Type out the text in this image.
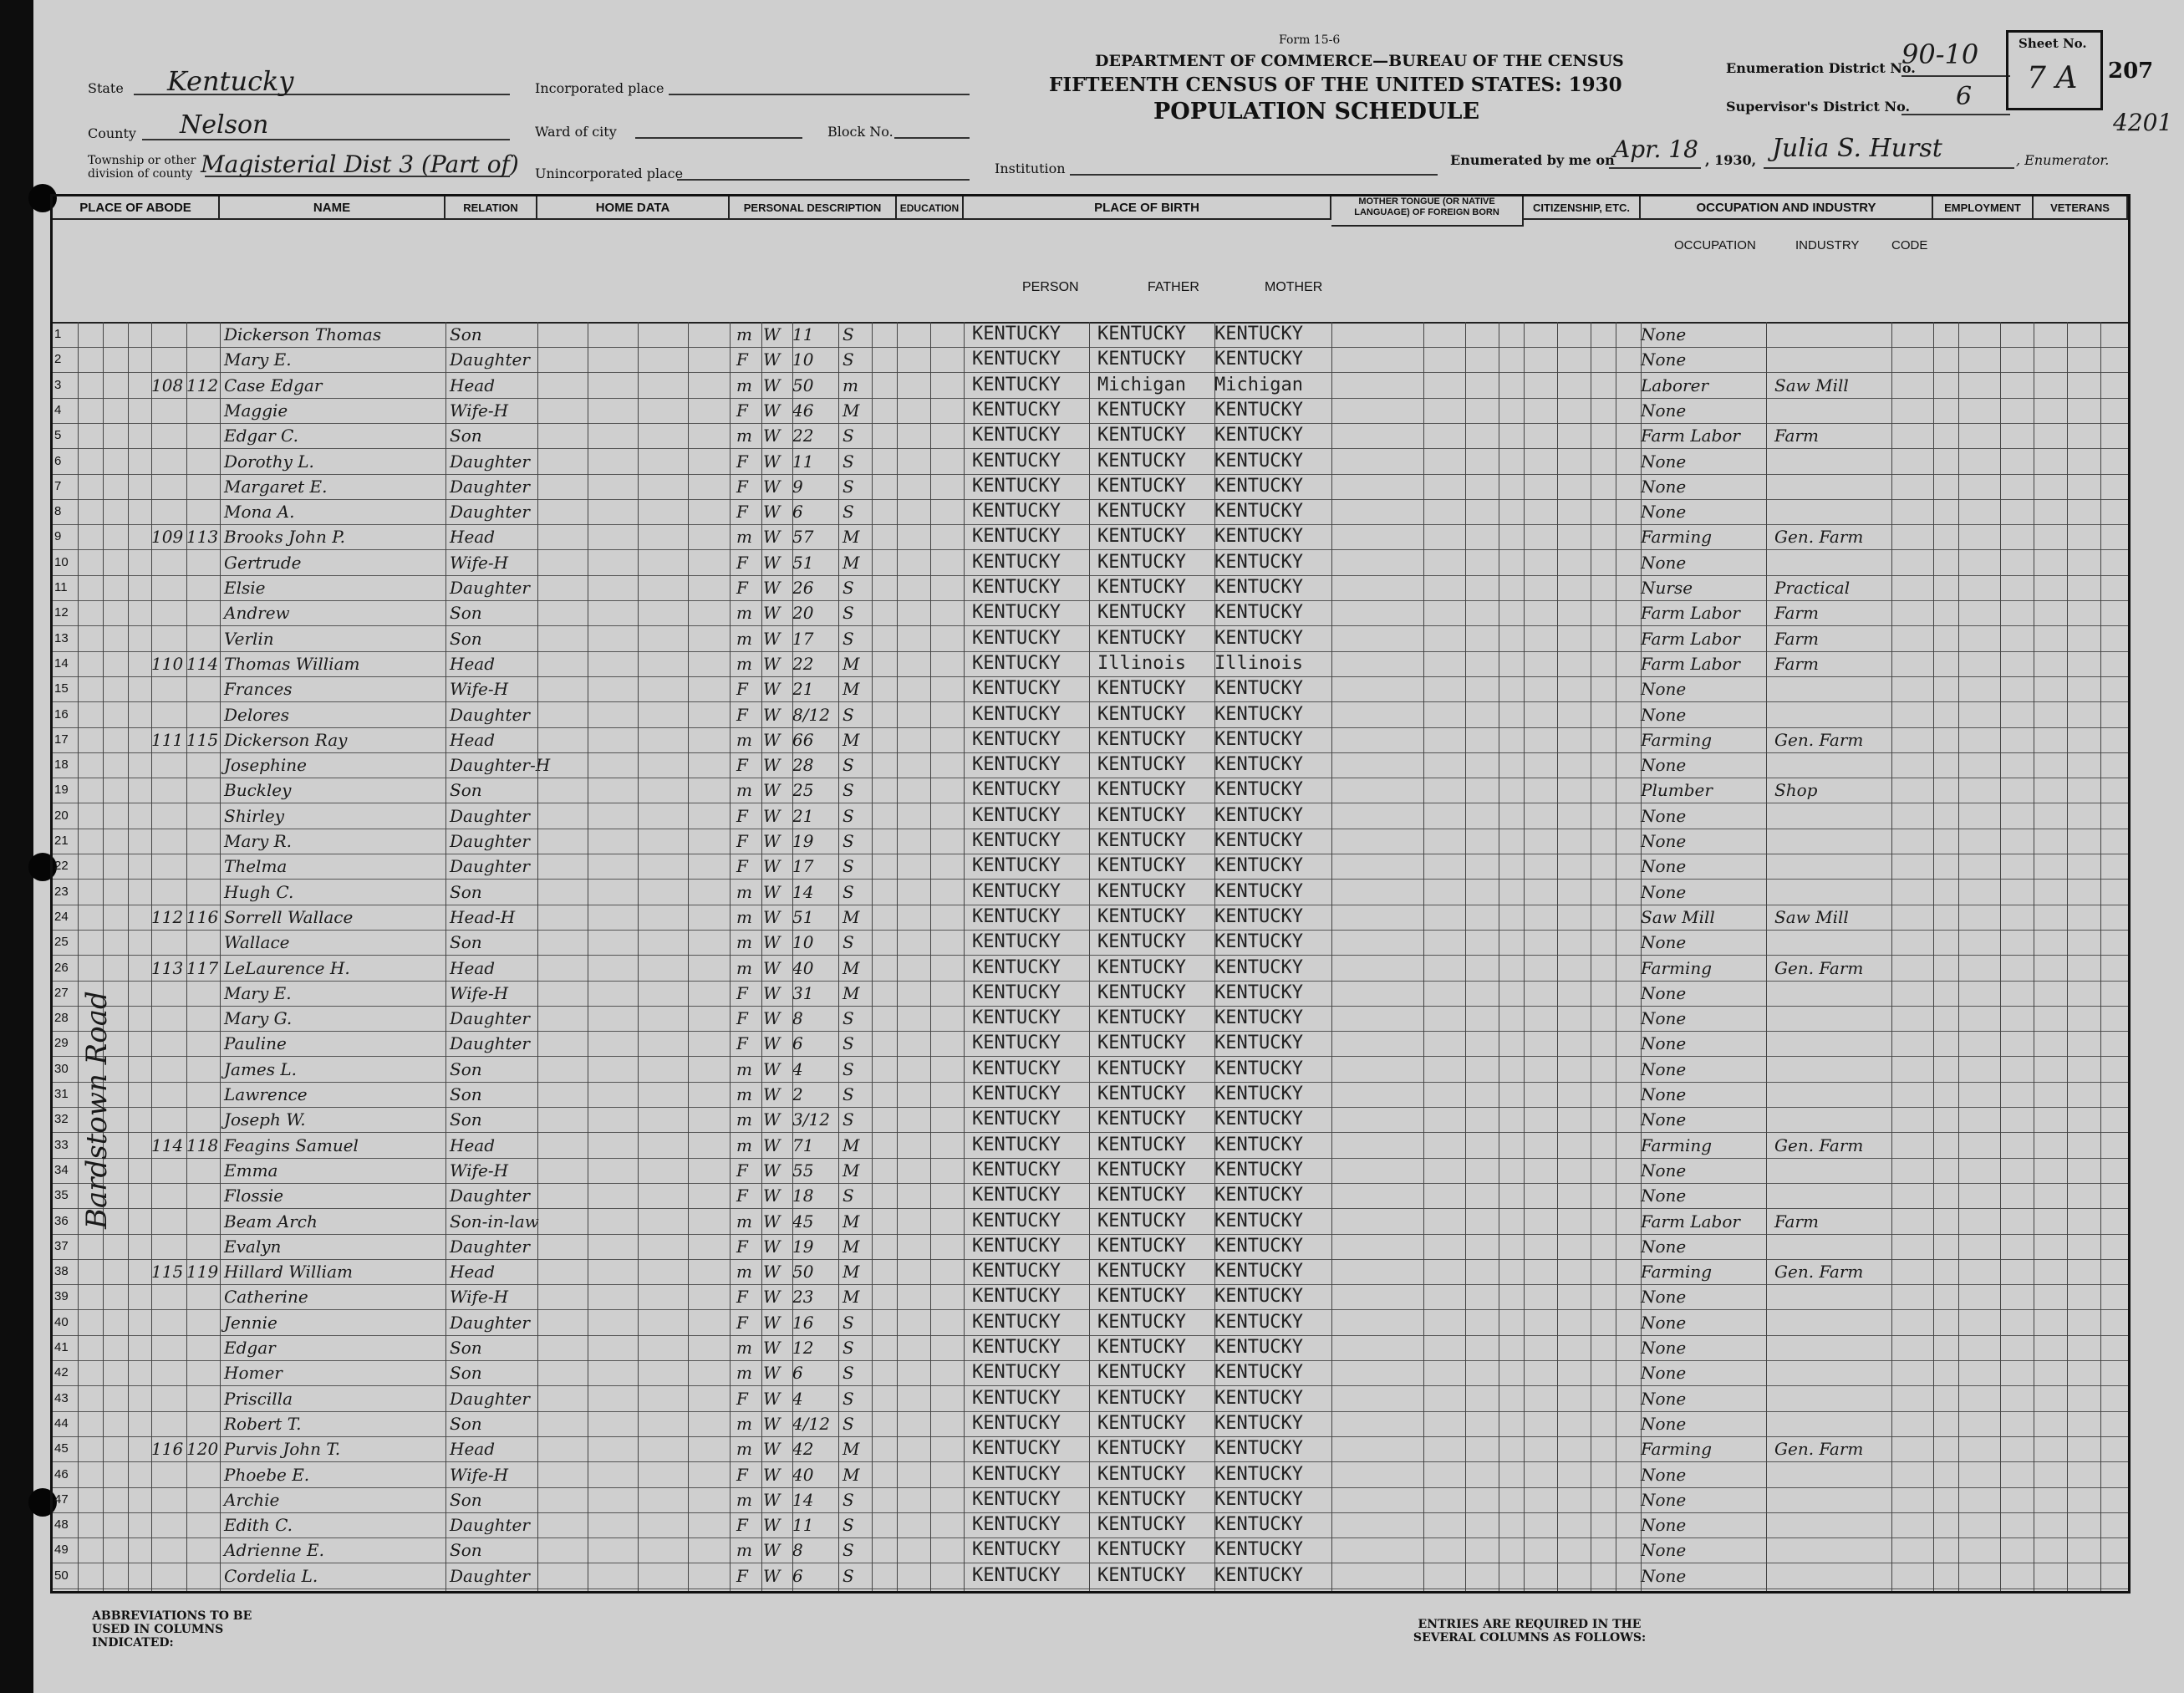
Form 15-6
DEPARTMENT OF COMMERCE—BUREAU OF THE CENSUS
FIFTEENTH CENSUS OF THE UNITED STATES: 1930
POPULATION SCHEDULE
State Kentucky
County Nelson
Township or other division of county Magisterial Dist 3 (Part of)
Incorporated place
Ward of city	Block No.
Unincorporated place	Institution
Enumeration District No.
90-10
Supervisor's District No. 6
Sheet No.
7 A 207
4201
Enumerated by me on
Apr. 18 , 1930, Julia S. Hurst	, Enumerator.
PLACE OF ABODE	NAME	RELATION	HOME DATA	PERSONAL DESCRIPTION	EDUCATION	PLACE OF BIRTH	MOTHER TONGUE (OR NATIVE LANGUAGE) OF FOREIGN BORN	CITIZENSHIP, ETC.	OCCUPATION AND INDUSTRY	EMPLOYMENT	VETERANS
PERSON	FATHER	MOTHER
OCCUPATION	INDUSTRY	CODE
1	Dickerson Thomas	Son	m W 11	S	KENTUCKY	KENTUCKY	KENTUCKY	None
2	Mary E.	Daughter	F W 10	S	KENTUCKY	KENTUCKY	KENTUCKY	None
3	108 112 Case Edgar	Head	m W 50	m	KENTUCKY	Michigan	Michigan	Laborer	Saw Mill
4	Maggie	Wife-H	F W 46	M	KENTUCKY	KENTUCKY	KENTUCKY	None
5	Edgar C.	Son	m W 22	S	KENTUCKY	KENTUCKY	KENTUCKY	Farm Labor	Farm
6	Dorothy L.	Daughter	F W 11	S	KENTUCKY	KENTUCKY	KENTUCKY	None
7	Margaret E.	Daughter	F W 9	S	KENTUCKY	KENTUCKY	KENTUCKY	None
8	Mona A.	Daughter	F W 6	S	KENTUCKY	KENTUCKY	KENTUCKY	None
9	109 113 Brooks John P.	Head	m W 57	M	KENTUCKY	KENTUCKY	KENTUCKY	Farming	Gen. Farm
10	Gertrude	Wife-H	F W 51	M	KENTUCKY	KENTUCKY	KENTUCKY	None
11	Elsie	Daughter	F W 26	S	KENTUCKY	KENTUCKY	KENTUCKY	Nurse	Practical
12	Andrew	Son	m W 20	S	KENTUCKY	KENTUCKY	KENTUCKY	Farm Labor	Farm
13	Verlin	Son	m W 17	S	KENTUCKY	KENTUCKY	KENTUCKY	Farm Labor	Farm
14	110 114 Thomas William	Head	m W 22	M	KENTUCKY	Illinois	Illinois	Farm Labor	Farm
15	Frances	Wife-H	F W 21	M	KENTUCKY	KENTUCKY	KENTUCKY	None
16	Delores	Daughter	F W 8/12 S	KENTUCKY	KENTUCKY	KENTUCKY	None
17	111 115 Dickerson Ray	Head	m W 66	M	KENTUCKY	KENTUCKY	KENTUCKY	Farming	Gen. Farm
18	Josephine	Daughter-H	F W 28	S	KENTUCKY	KENTUCKY	KENTUCKY	None
19	Buckley	Son	m W 25	S	KENTUCKY	KENTUCKY	KENTUCKY	Plumber	Shop
20	Shirley	Daughter	F W 21	S	KENTUCKY	KENTUCKY	KENTUCKY	None
21	Mary R.	Daughter	F W 19	S	KENTUCKY	KENTUCKY	KENTUCKY	None
22	Thelma	Daughter	F W 17	S	KENTUCKY	KENTUCKY	KENTUCKY	None
23	Hugh C.	Son	m W 14	S	KENTUCKY	KENTUCKY	KENTUCKY	None
24	112 116 Sorrell Wallace	Head-H	m W 51	M	KENTUCKY	KENTUCKY	KENTUCKY	Saw Mill	Saw Mill
25	Wallace	Son	m W 10	S	KENTUCKY	KENTUCKY	KENTUCKY	None
26	113 117 LeLaurence H.	Head	m W 40	M	KENTUCKY	KENTUCKY	KENTUCKY	Farming	Gen. Farm
27	Mary E.	Wife-H	F W 31	M	KENTUCKY	KENTUCKY	KENTUCKY	None
28	Mary G.	Daughter	F W 8	S	KENTUCKY	KENTUCKY	KENTUCKY	None
29	Pauline	Daughter	F W 6	S	KENTUCKY	KENTUCKY	KENTUCKY	None
30	James L.	Son	m W 4	S	KENTUCKY	KENTUCKY	KENTUCKY	None
31	Lawrence	Son	m W 2	S	KENTUCKY	KENTUCKY	KENTUCKY	None
32	Joseph W.	Son	m W 3/12 S	KENTUCKY	KENTUCKY	KENTUCKY	None
33	114 118 Feagins Samuel	Head	m W 71	M	KENTUCKY	KENTUCKY	KENTUCKY	Farming	Gen. Farm
34	Emma	Wife-H	F W 55	M	KENTUCKY	KENTUCKY	KENTUCKY	None
35	Flossie	Daughter	F W 18	S	KENTUCKY	KENTUCKY	KENTUCKY	None
36	Beam Arch	Son-in-law	m W 45	M	KENTUCKY	KENTUCKY	KENTUCKY	Farm Labor	Farm
37	Evalyn	Daughter	F W 19	M	KENTUCKY	KENTUCKY	KENTUCKY	None
38	115 119 Hillard William	Head	m W 50	M	KENTUCKY	KENTUCKY	KENTUCKY	Farming	Gen. Farm
39	Catherine	Wife-H	F W 23	M	KENTUCKY	KENTUCKY	KENTUCKY	None
40	Jennie	Daughter	F W 16	S	KENTUCKY	KENTUCKY	KENTUCKY	None
41	Edgar	Son	m W 12	S	KENTUCKY	KENTUCKY	KENTUCKY	None
42	Homer	Son	m W 6	S	KENTUCKY	KENTUCKY	KENTUCKY	None
43	Priscilla	Daughter	F W 4	S	KENTUCKY	KENTUCKY	KENTUCKY	None
44	Robert T.	Son	m W 4/12 S	KENTUCKY	KENTUCKY	KENTUCKY	None
45	116 120 Purvis John T.	Head	m W 42	M	KENTUCKY	KENTUCKY	KENTUCKY	Farming	Gen. Farm
46	Phoebe E.	Wife-H	F W 40	M	KENTUCKY	KENTUCKY	KENTUCKY	None
47	Archie	Son	m W 14	S	KENTUCKY	KENTUCKY	KENTUCKY	None
48	Edith C.	Daughter	F W 11	S	KENTUCKY	KENTUCKY	KENTUCKY	None
49	Adrienne E.	Son	m W 8	S	KENTUCKY	KENTUCKY	KENTUCKY	None
50	Cordelia L.	Daughter	F W 6	S	KENTUCKY	KENTUCKY	KENTUCKY	None
Bardstown Road
ABBREVIATIONS TO BE USED IN COLUMNS INDICATED:
ENTRIES ARE REQUIRED IN THE SEVERAL COLUMNS AS FOLLOWS:
